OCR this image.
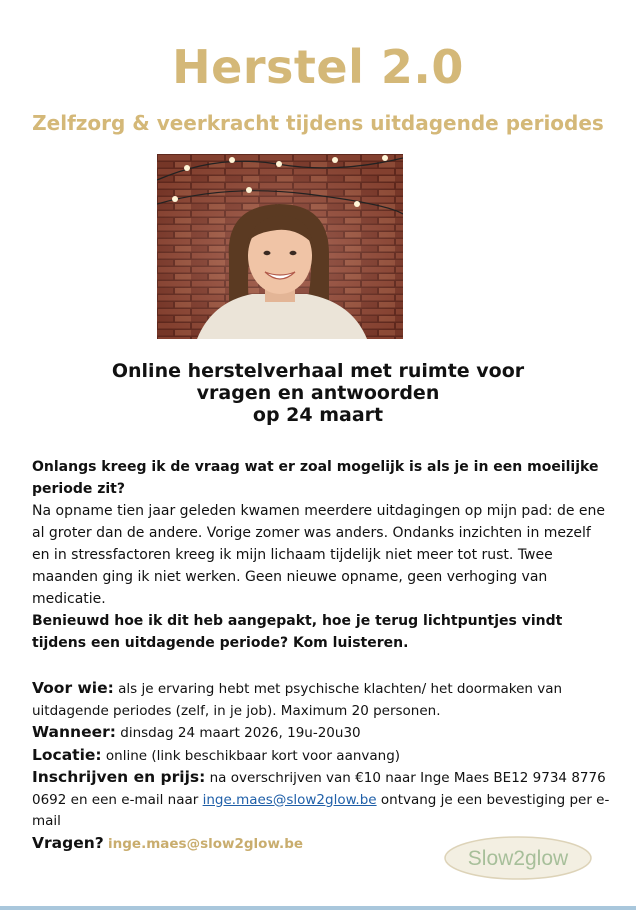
Herstel 2.0
Zelfzorg & veerkracht tijdens uitdagende periodes
Online herstelverhaal met ruimte voor
vragen en antwoorden
op 24 maart
Onlangs kreeg ik de vraag wat er zoal mogelijk is als je in een moeilijke periode zit?
Na opname tien jaar geleden kwamen meerdere uitdagingen op mijn pad: de ene al groter dan de andere. Vorige zomer was anders. Ondanks inzichten in mezelf en in stressfactoren kreeg ik mijn lichaam tijdelijk niet meer tot rust. Twee maanden ging ik niet werken. Geen nieuwe opname, geen verhoging van medicatie.
Benieuwd hoe ik dit heb aangepakt, hoe je terug lichtpuntjes vindt tijdens een uitdagende periode? Kom luisteren.
Voor wie: als je ervaring hebt met psychische klachten/ het doormaken van uitdagende periodes (zelf, in je job). Maximum 20 personen.
Wanneer: dinsdag 24 maart 2026, 19u-20u30
Locatie: online (link beschikbaar kort voor aanvang)
Inschrijven en prijs: na overschrijven van €10 naar Inge Maes BE12 9734 8776 0692 en een e-mail naar inge.maes@slow2glow.be ontvang je een bevestiging per e-mail
Vragen? inge.maes@slow2glow.be
Slow2glow
